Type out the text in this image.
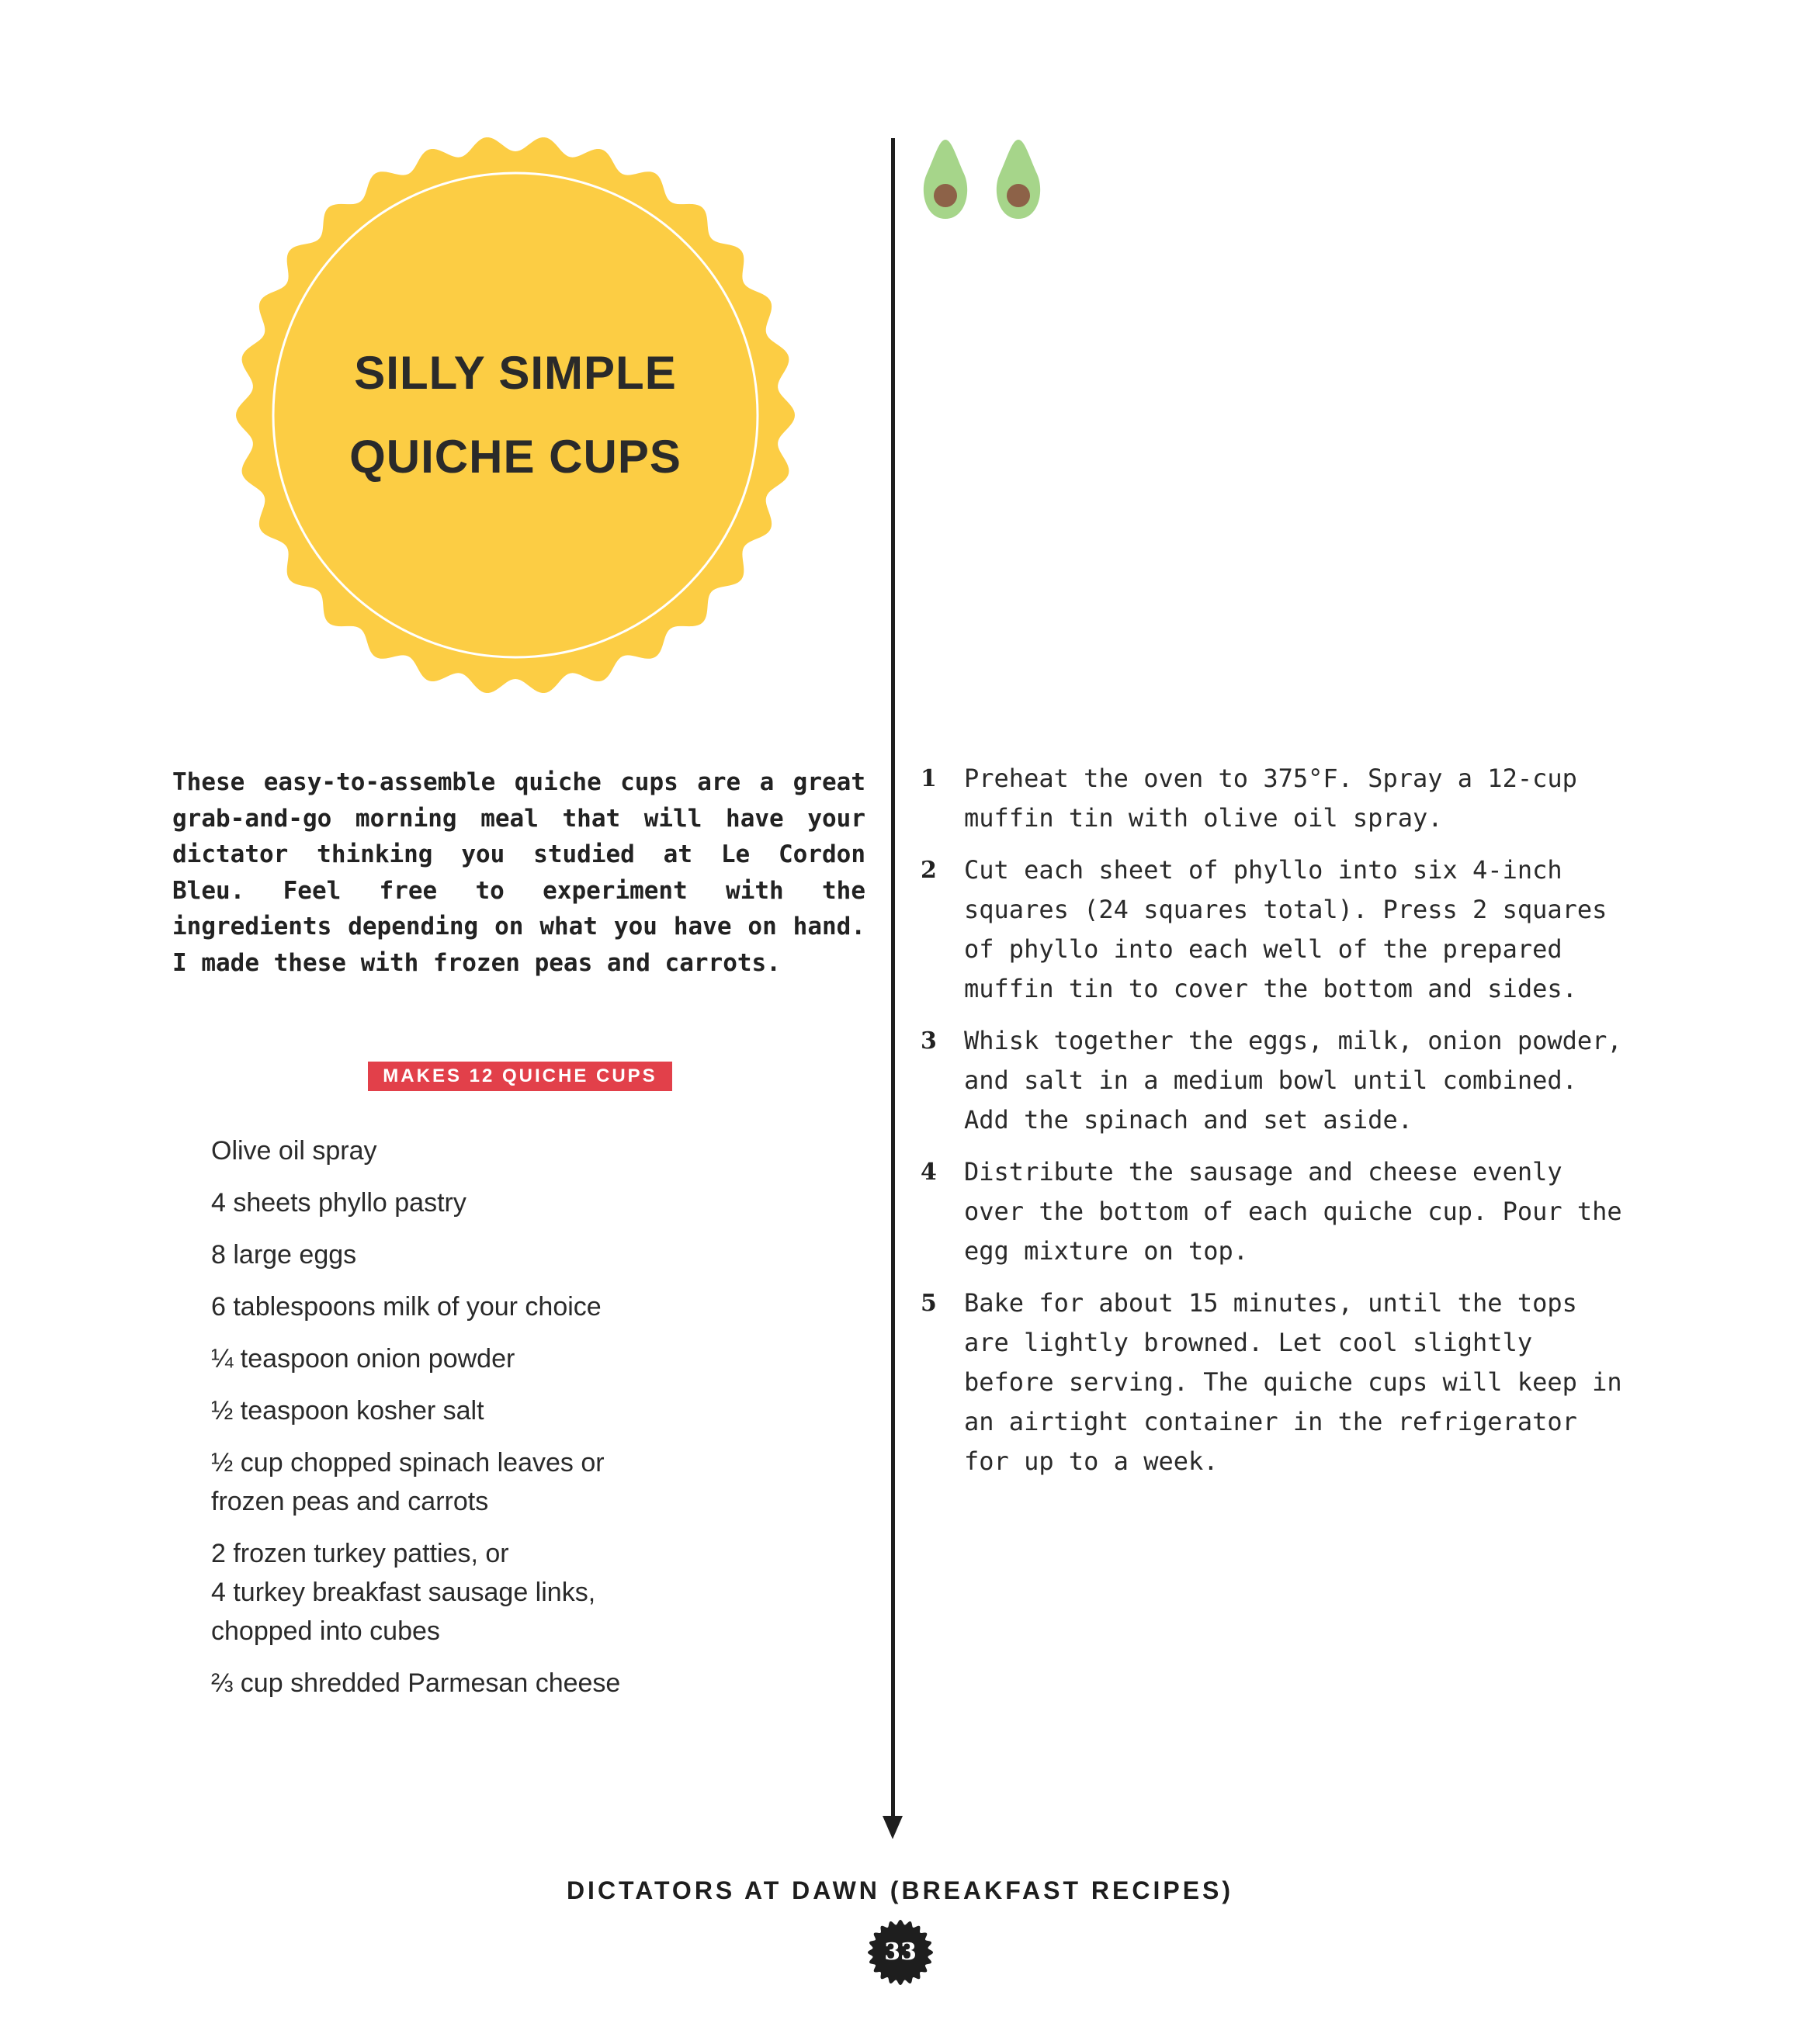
SILLY SIMPLE
QUICHE CUPS

These easy-to-assemble quiche cups are a great grab-and-go morning meal that will have your dictator thinking you studied at Le Cordon Bleu. Feel free to experiment with the ingredients depending on what you have on hand. I made these with frozen peas and carrots.

MAKES 12 QUICHE CUPS
Olive oil spray
4 sheets phyllo pastry
8 large eggs
6 tablespoons milk of your choice
¼ teaspoon onion powder
½ teaspoon kosher salt
½ cup chopped spinach leaves or
frozen peas and carrots
2 frozen turkey patties, or
4 turkey breakfast sausage links,
chopped into cubes
⅔ cup shredded Parmesan cheese
1	Preheat the oven to 375°F. Spray a 12-cup muffin tin with olive oil spray.
2	Cut each sheet of phyllo into six 4-inch squares (24 squares total). Press 2 squares of phyllo into each well of the prepared muffin tin to cover the bottom and sides.
3	Whisk together the eggs, milk, onion powder, and salt in a medium bowl until combined. Add the spinach and set aside.
4	Distribute the sausage and cheese evenly over the bottom of each quiche cup. Pour the egg mixture on top.
5	Bake for about 15 minutes, until the tops are lightly browned. Let cool slightly before serving. The quiche cups will keep in an airtight container in the refrigerator for up to a week.
DICTATORS AT DAWN (BREAKFAST RECIPES)
33
